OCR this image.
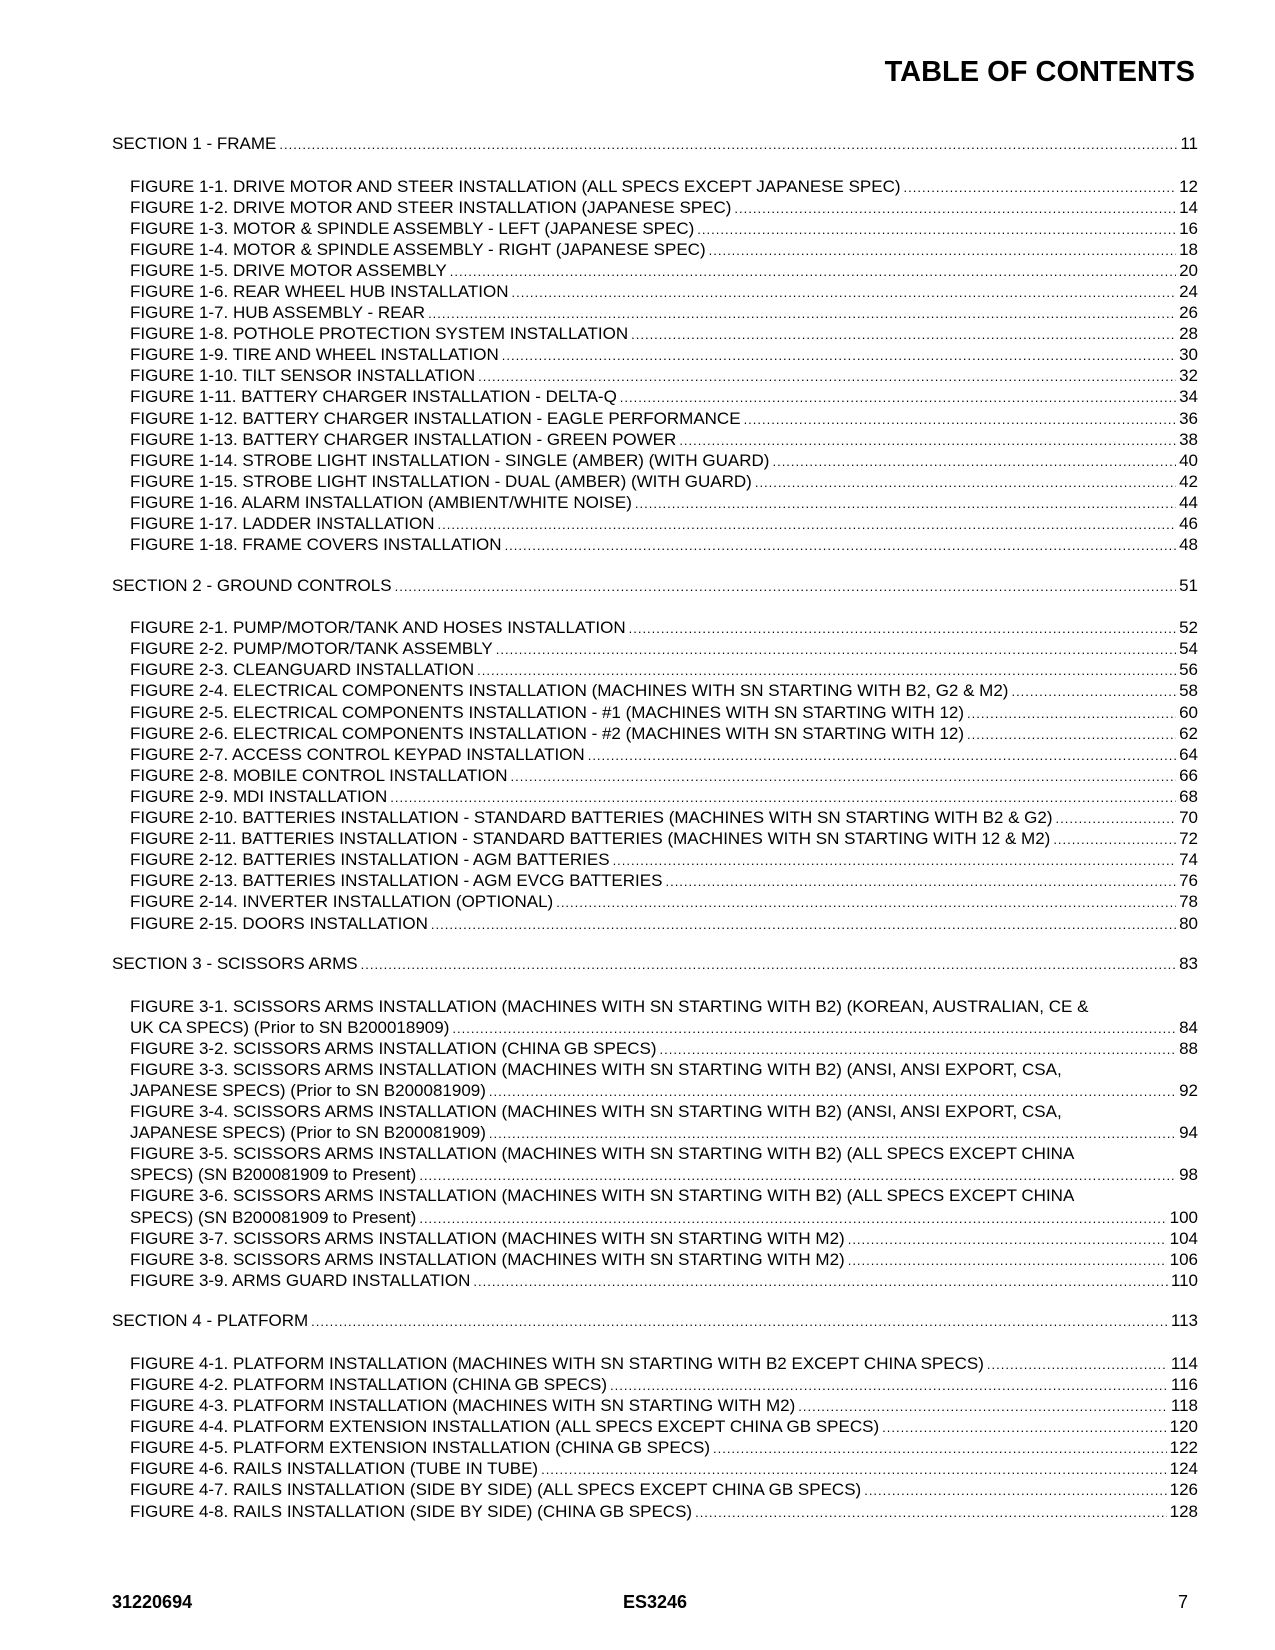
TABLE OF CONTENTS
SECTION 1 - FRAME .....	11
FIGURE 1-1. DRIVE MOTOR AND STEER INSTALLATION (ALL SPECS EXCEPT JAPANESE SPEC) .....	12
FIGURE 1-2. DRIVE MOTOR AND STEER INSTALLATION (JAPANESE SPEC) .....	14
FIGURE 1-3. MOTOR & SPINDLE ASSEMBLY - LEFT (JAPANESE SPEC) .....	16
FIGURE 1-4. MOTOR & SPINDLE ASSEMBLY - RIGHT (JAPANESE SPEC) .....	18
FIGURE 1-5. DRIVE MOTOR ASSEMBLY .....	20
FIGURE 1-6. REAR WHEEL HUB INSTALLATION .....	24
FIGURE 1-7. HUB ASSEMBLY - REAR .....	26
FIGURE 1-8. POTHOLE PROTECTION SYSTEM INSTALLATION .....	28
FIGURE 1-9. TIRE AND WHEEL INSTALLATION .....	30
FIGURE 1-10. TILT SENSOR INSTALLATION .....	32
FIGURE 1-11. BATTERY CHARGER INSTALLATION - DELTA-Q .....	34
FIGURE 1-12. BATTERY CHARGER INSTALLATION - EAGLE PERFORMANCE .....	36
FIGURE 1-13. BATTERY CHARGER INSTALLATION - GREEN POWER .....	38
FIGURE 1-14. STROBE LIGHT INSTALLATION - SINGLE (AMBER) (WITH GUARD) .....	40
FIGURE 1-15. STROBE LIGHT INSTALLATION - DUAL (AMBER) (WITH GUARD) .....	42
FIGURE 1-16. ALARM INSTALLATION (AMBIENT/WHITE NOISE) .....	44
FIGURE 1-17. LADDER INSTALLATION .....	46
FIGURE 1-18. FRAME COVERS INSTALLATION .....	48
SECTION 2 - GROUND CONTROLS .....	51
FIGURE 2-1. PUMP/MOTOR/TANK AND HOSES INSTALLATION .....	52
FIGURE 2-2. PUMP/MOTOR/TANK ASSEMBLY .....	54
FIGURE 2-3. CLEANGUARD INSTALLATION .....	56
FIGURE 2-4. ELECTRICAL COMPONENTS INSTALLATION (MACHINES WITH SN STARTING WITH B2, G2 & M2) .....	58
FIGURE 2-5. ELECTRICAL COMPONENTS INSTALLATION - #1 (MACHINES WITH SN STARTING WITH 12) .....	60
FIGURE 2-6. ELECTRICAL COMPONENTS INSTALLATION - #2 (MACHINES WITH SN STARTING WITH 12) .....	62
FIGURE 2-7. ACCESS CONTROL KEYPAD INSTALLATION .....	64
FIGURE 2-8. MOBILE CONTROL INSTALLATION .....	66
FIGURE 2-9. MDI INSTALLATION .....	68
FIGURE 2-10. BATTERIES INSTALLATION - STANDARD BATTERIES (MACHINES WITH SN STARTING WITH B2 & G2) .....	70
FIGURE 2-11. BATTERIES INSTALLATION - STANDARD BATTERIES (MACHINES WITH SN STARTING WITH 12 & M2) .....	72
FIGURE 2-12. BATTERIES INSTALLATION - AGM BATTERIES .....	74
FIGURE 2-13. BATTERIES INSTALLATION - AGM EVCG BATTERIES .....	76
FIGURE 2-14. INVERTER INSTALLATION (OPTIONAL) .....	78
FIGURE 2-15. DOORS INSTALLATION .....	80
SECTION 3 - SCISSORS ARMS .....	83
FIGURE 3-1. SCISSORS ARMS INSTALLATION (MACHINES WITH SN STARTING WITH B2) (KOREAN, AUSTRALIAN, CE &
UK CA SPECS) (Prior to SN B200018909) .....	84
FIGURE 3-2. SCISSORS ARMS INSTALLATION (CHINA GB SPECS) .....	88
FIGURE 3-3. SCISSORS ARMS INSTALLATION (MACHINES WITH SN STARTING WITH B2) (ANSI, ANSI EXPORT, CSA,
JAPANESE SPECS) (Prior to SN B200081909) .....	92
FIGURE 3-4. SCISSORS ARMS INSTALLATION (MACHINES WITH SN STARTING WITH B2) (ANSI, ANSI EXPORT, CSA,
JAPANESE SPECS) (Prior to SN B200081909) .....	94
FIGURE 3-5. SCISSORS ARMS INSTALLATION (MACHINES WITH SN STARTING WITH B2) (ALL SPECS EXCEPT CHINA
SPECS) (SN B200081909 to Present) .....	98
FIGURE 3-6. SCISSORS ARMS INSTALLATION (MACHINES WITH SN STARTING WITH B2) (ALL SPECS EXCEPT CHINA
SPECS) (SN B200081909 to Present) .....	100
FIGURE 3-7. SCISSORS ARMS INSTALLATION (MACHINES WITH SN STARTING WITH M2) .....	104
FIGURE 3-8. SCISSORS ARMS INSTALLATION (MACHINES WITH SN STARTING WITH M2) .....	106
FIGURE 3-9. ARMS GUARD INSTALLATION .....	110
SECTION 4 - PLATFORM .....	113
FIGURE 4-1. PLATFORM INSTALLATION (MACHINES WITH SN STARTING WITH B2 EXCEPT CHINA SPECS) .....	114
FIGURE 4-2. PLATFORM INSTALLATION (CHINA GB SPECS) .....	116
FIGURE 4-3. PLATFORM INSTALLATION (MACHINES WITH SN STARTING WITH M2) .....	118
FIGURE 4-4. PLATFORM EXTENSION INSTALLATION (ALL SPECS EXCEPT CHINA GB SPECS) .....	120
FIGURE 4-5. PLATFORM EXTENSION INSTALLATION (CHINA GB SPECS) .....	122
FIGURE 4-6. RAILS INSTALLATION (TUBE IN TUBE) .....	124
FIGURE 4-7. RAILS INSTALLATION (SIDE BY SIDE) (ALL SPECS EXCEPT CHINA GB SPECS) .....	126
FIGURE 4-8. RAILS INSTALLATION (SIDE BY SIDE) (CHINA GB SPECS) .....	128
31220694	ES3246	7
